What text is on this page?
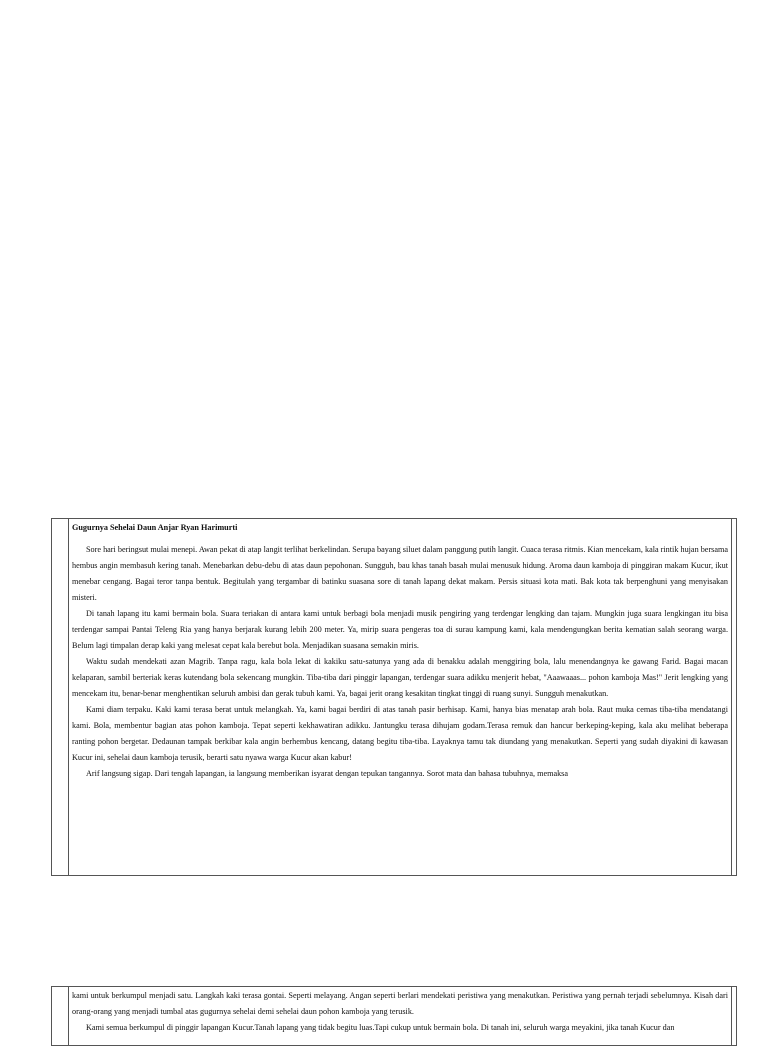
Gugurnya Sehelai Daun Anjar Ryan Harimurti

Sore hari beringsut mulai menepi. Awan pekat di atap langit terlihat berkelindan. Serupa bayang siluet dalam panggung putih langit. Cuaca terasa ritmis. Kian mencekam, kala rintik hujan bersama hembus angin membasuh kering tanah. Menebarkan debu-debu di atas daun pepohonan. Sungguh, bau khas tanah basah mulai menusuk hidung. Aroma daun kamboja di pinggiran makam Kucur, ikut menebar cengang. Bagai teror tanpa bentuk. Begitulah yang tergambar di batinku suasana sore di tanah lapang dekat makam. Persis situasi kota mati. Bak kota tak berpenghuni yang menyisakan misteri.

Di tanah lapang itu kami bermain bola. Suara teriakan di antara kami untuk berbagi bola menjadi musik pengiring yang terdengar lengking dan tajam. Mungkin juga suara lengkingan itu bisa terdengar sampai Pantai Teleng Ria yang hanya berjarak kurang lebih 200 meter. Ya, mirip suara pengeras toa di surau kampung kami, kala mendengungkan berita kematian salah seorang warga. Belum lagi timpalan derap kaki yang melesat cepat kala berebut bola. Menjadikan suasana semakin miris.

Waktu sudah mendekati azan Magrib. Tanpa ragu, kala bola lekat di kakiku satu-satunya yang ada di benakku adalah menggiring bola, lalu menendangnya ke gawang Farid. Bagai macan kelaparan, sambil berteriak keras kutendang bola sekencang mungkin. Tiba-tiba dari pinggir lapangan, terdengar suara adikku menjerit hebat, "Aaawaaas... pohon kamboja Mas!" Jerit lengking yang mencekam itu, benar-benar menghentikan seluruh ambisi dan gerak tubuh kami. Ya, bagai jerit orang kesakitan tingkat tinggi di ruang sunyi. Sungguh menakutkan.

Kami diam terpaku. Kaki kami terasa berat untuk melangkah. Ya, kami bagai berdiri di atas tanah pasir berhisap. Kami, hanya bias menatap arah bola. Raut muka cemas tiba-tiba mendatangi kami. Bola, membentur bagian atas pohon kamboja. Tepat seperti kekhawatiran adikku. Jantungku terasa dihujam godam.Terasa remuk dan hancur berkeping-keping, kala aku melihat beberapa ranting pohon bergetar. Dedaunan tampak berkibar kala angin berhembus kencang, datang begitu tiba-tiba. Layaknya tamu tak diundang yang menakutkan. Seperti yang sudah diyakini di kawasan Kucur ini, sehelai daun kamboja terusik, berarti satu nyawa warga Kucur akan kabur!

Arif langsung sigap. Dari tengah lapangan, ia langsung memberikan isyarat dengan tepukan tangannya. Sorot mata dan bahasa tubuhnya, memaksa

kami untuk berkumpul menjadi satu. Langkah kaki terasa gontai. Seperti melayang. Angan seperti berlari mendekati peristiwa yang menakutkan. Peristiwa yang pernah terjadi sebelumnya. Kisah dari orang-orang yang menjadi tumbal atas gugurnya sehelai demi sehelai daun pohon kamboja yang terusik.

Kami semua berkumpul di pinggir lapangan Kucur.Tanah lapang yang tidak begitu luas.Tapi cukup untuk bermain bola. Di tanah ini, seluruh warga meyakini, jika tanah Kucur dan
